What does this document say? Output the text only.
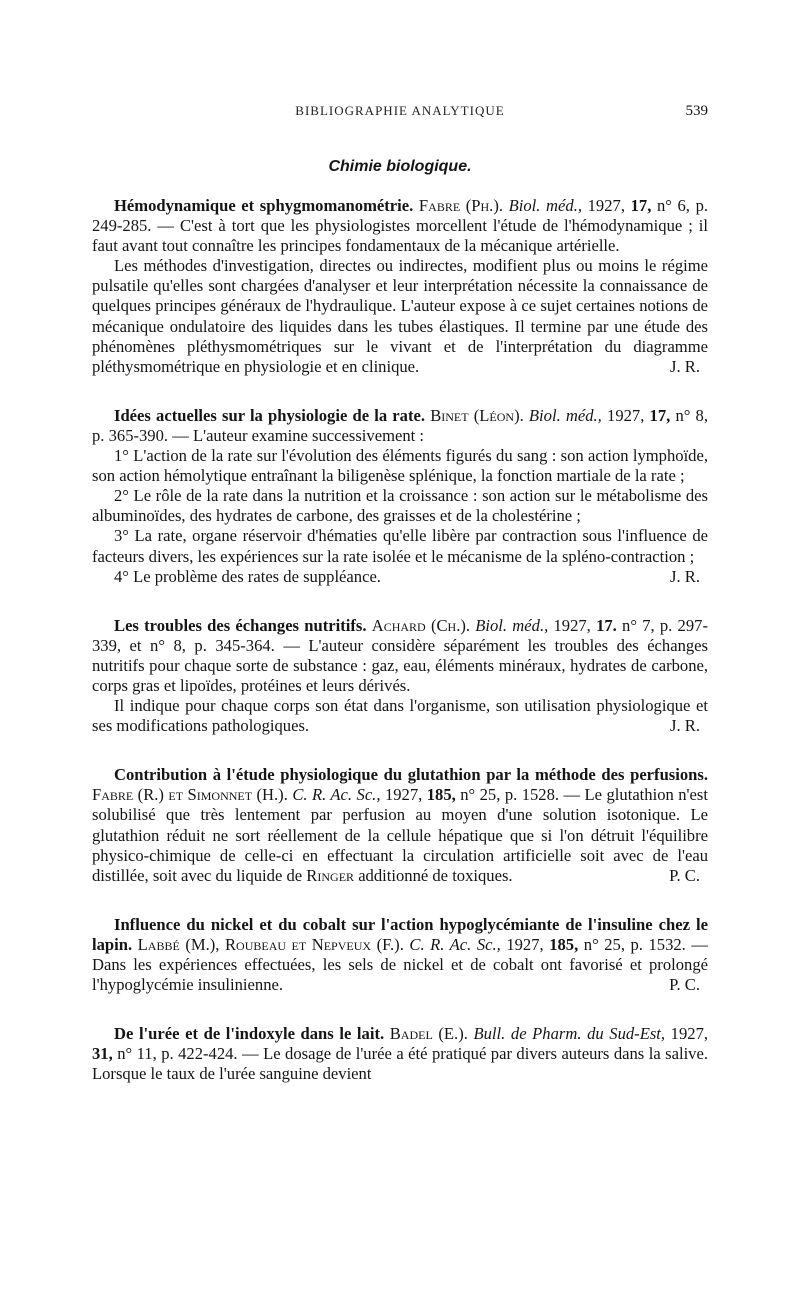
BIBLIOGRAPHIE ANALYTIQUE	539
Chimie biologique.

Hémodynamique et sphygmomanométrie. Fabre (Ph.). Biol. méd., 1927, 17, n° 6, p. 249-285. — C'est à tort que les physiologistes morcellent l'étude de l'hémodynamique ; il faut avant tout connaître les principes fondamentaux de la mécanique artérielle.

Les méthodes d'investigation, directes ou indirectes, modifient plus ou moins le régime pulsatile qu'elles sont chargées d'analyser et leur interprétation nécessite la connaissance de quelques principes généraux de l'hydraulique. L'auteur expose à ce sujet certaines notions de mécanique ondulatoire des liquides dans les tubes élastiques. Il termine par une étude des phénomènes pléthysmométriques sur le vivant et de l'interprétation du diagramme pléthysmométrique en physiologie et en clinique.	J. R.

Idées actuelles sur la physiologie de la rate. Binet (Léon). Biol. méd., 1927, 17, n° 8, p. 365-390. — L'auteur examine successivement :

1° L'action de la rate sur l'évolution des éléments figurés du sang : son action lymphoïde, son action hémolytique entraînant la biligenèse splénique, la fonction martiale de la rate ;

2° Le rôle de la rate dans la nutrition et la croissance : son action sur le métabolisme des albuminoïdes, des hydrates de carbone, des graisses et de la cholestérine ;

3° La rate, organe réservoir d'hématies qu'elle libère par contraction sous l'influence de facteurs divers, les expériences sur la rate isolée et le mécanisme de la spléno-contraction ;

4° Le problème des rates de suppléance.	J. R.

Les troubles des échanges nutritifs. Achard (Ch.). Biol. méd., 1927, 17. n° 7, p. 297-339, et n° 8, p. 345-364. — L'auteur considère séparément les troubles des échanges nutritifs pour chaque sorte de substance : gaz, eau, éléments minéraux, hydrates de carbone, corps gras et lipoïdes, protéines et leurs dérivés.

Il indique pour chaque corps son état dans l'organisme, son utilisation physiologique et ses modifications pathologiques.	J. R.

Contribution à l'étude physiologique du glutathion par la méthode des perfusions. Fabre (R.) et Simonnet (H.). C. R. Ac. Sc., 1927, 185, n° 25, p. 1528. — Le glutathion n'est solubilisé que très lentement par perfusion au moyen d'une solution isotonique. Le glutathion réduit ne sort réellement de la cellule hépatique que si l'on détruit l'équilibre physico-chimique de celle-ci en effectuant la circulation artificielle soit avec de l'eau distillée, soit avec du liquide de Ringer additionné de toxiques.	P. C.

Influence du nickel et du cobalt sur l'action hypoglycémiante de l'insuline chez le lapin. Labbé (M.), Roubeau et Nepveux (F.). C. R. Ac. Sc., 1927, 185, n° 25, p. 1532. — Dans les expériences effectuées, les sels de nickel et de cobalt ont favorisé et prolongé l'hypoglycémie insulinienne.	P. C.

De l'urée et de l'indoxyle dans le lait. Badel (E.). Bull. de Pharm. du Sud-Est, 1927, 31, n° 11, p. 422-424. — Le dosage de l'urée a été pratiqué par divers auteurs dans la salive. Lorsque le taux de l'urée sanguine devient
